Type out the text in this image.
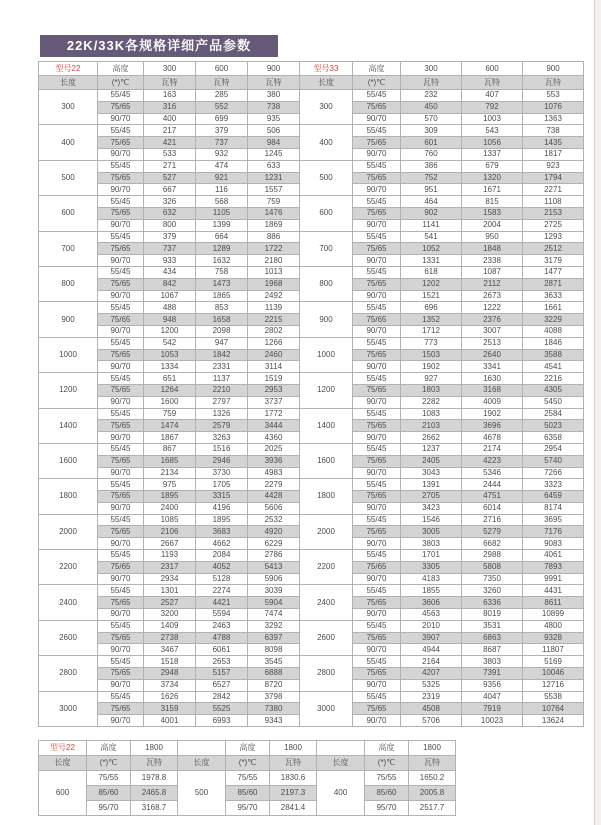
22K/33K各规格详细产品参数
型号22	高度	300	600	900	型号33	高度	300	600	900
长度	(*)℃	瓦特	瓦特	瓦特	长度	(*)℃	瓦特	瓦特	瓦特
300	55/45	163	285	380	300	55/45	232	407	553
	75/65	316	552	738		75/65	450	792	1076
	90/70	400	699	935		90/70	570	1003	1363
400	55/45	217	379	506	400	55/45	309	543	738
	75/65	421	737	984		75/65	601	1056	1435
	90/70	533	932	1245		90/70	760	1337	1817
500	55/45	271	474	633	500	55/45	386	679	923
	75/65	527	921	1231		75/65	752	1320	1794
	90/70	667	116	1557		90/70	951	1671	2271
600	55/45	326	568	759	600	55/45	464	815	1108
	75/65	632	1105	1476		75/65	902	1583	2153
	90/70	800	1399	1869		90/70	1141	2004	2725
700	55/45	379	664	886	700	55/45	541	950	1293
	75/65	737	1289	1722		75/65	1052	1848	2512
	90/70	933	1632	2180		90/70	1331	2338	3179
800	55/45	434	758	1013	800	55/45	618	1087	1477
	75/65	842	1473	1968		75/65	1202	2112	2871
	90/70	1067	1865	2492		90/70	1521	2673	3633
900	55/45	488	853	1139	900	55/45	696	1222	1661
	75/65	948	1658	2215		75/65	1352	2376	3229
	90/70	1200	2098	2802		90/70	1712	3007	4088
1000	55/45	542	947	1266	1000	55/45	773	2513	1846
	75/65	1053	1842	2460		75/65	1503	2640	3588
	90/70	1334	2331	3114		90/70	1902	3341	4541
1200	55/45	651	1137	1519	1200	55/45	927	1630	2216
	75/65	1264	2210	2953		75/65	1803	3168	4305
	90/70	1600	2797	3737		90/70	2282	4009	5450
1400	55/45	759	1326	1772	1400	55/45	1083	1902	2584
	75/65	1474	2579	3444		75/65	2103	3696	5023
	90/70	1867	3263	4360		90/70	2662	4678	6358
1600	55/45	867	1516	2025	1600	55/45	1237	2174	2954
	75/65	1685	2946	3936		75/65	2405	4223	5740
	90/70	2134	3730	4983		90/70	3043	5346	7266
1800	55/45	975	1705	2279	1800	55/45	1391	2444	3323
	75/65	1895	3315	4428		75/65	2705	4751	6459
	90/70	2400	4196	5606		90/70	3423	6014	8174
2000	55/45	1085	1895	2532	2000	55/45	1546	2716	3695
	75/65	2106	3683	4920		75/65	3005	5279	7176
	90/70	2667	4662	6229		90/70	3803	6682	9083
2200	55/45	1193	2084	2786	2200	55/45	1701	2988	4061
	75/65	2317	4052	5413		75/65	3305	5808	7893
	90/70	2934	5128	5906		90/70	4183	7350	9991
2400	55/45	1301	2274	3039	2400	55/45	1855	3260	4431
	75/65	2527	4421	5904		75/65	3606	6336	8611
	90/70	3200	5594	7474		90/70	4563	8019	10899
2600	55/45	1409	2463	3292	2600	55/45	2010	3531	4800
	75/65	2738	4788	6397		75/65	3907	6863	9328
	90/70	3467	6061	8098		90/70	4944	8687	11807
2800	55/45	1518	2653	3545	2800	55/45	2164	3803	5169
	75/65	2948	5157	6888		75/65	4207	7391	10046
	90/70	3734	6527	8720		90/70	5325	9356	12716
3000	55/45	1626	2842	3798	3000	55/45	2319	4047	5538
	75/65	3159	5525	7380		75/65	4508	7919	10764
	90/70	4001	6993	9343		90/70	5706	10023	13624
型号22	高度	1800		高度	1800		高度	1800
长度	(*)℃	瓦特	长度	(*)℃	瓦特	长度	(*)℃	瓦特
600	75/55	1978.8	500	75/55	1830.6	400	75/55	1650.2
	85/60	2465.8		85/60	2197.3		85/60	2005.8
	95/70	3168.7		95/70	2841.4		95/70	2517.7
